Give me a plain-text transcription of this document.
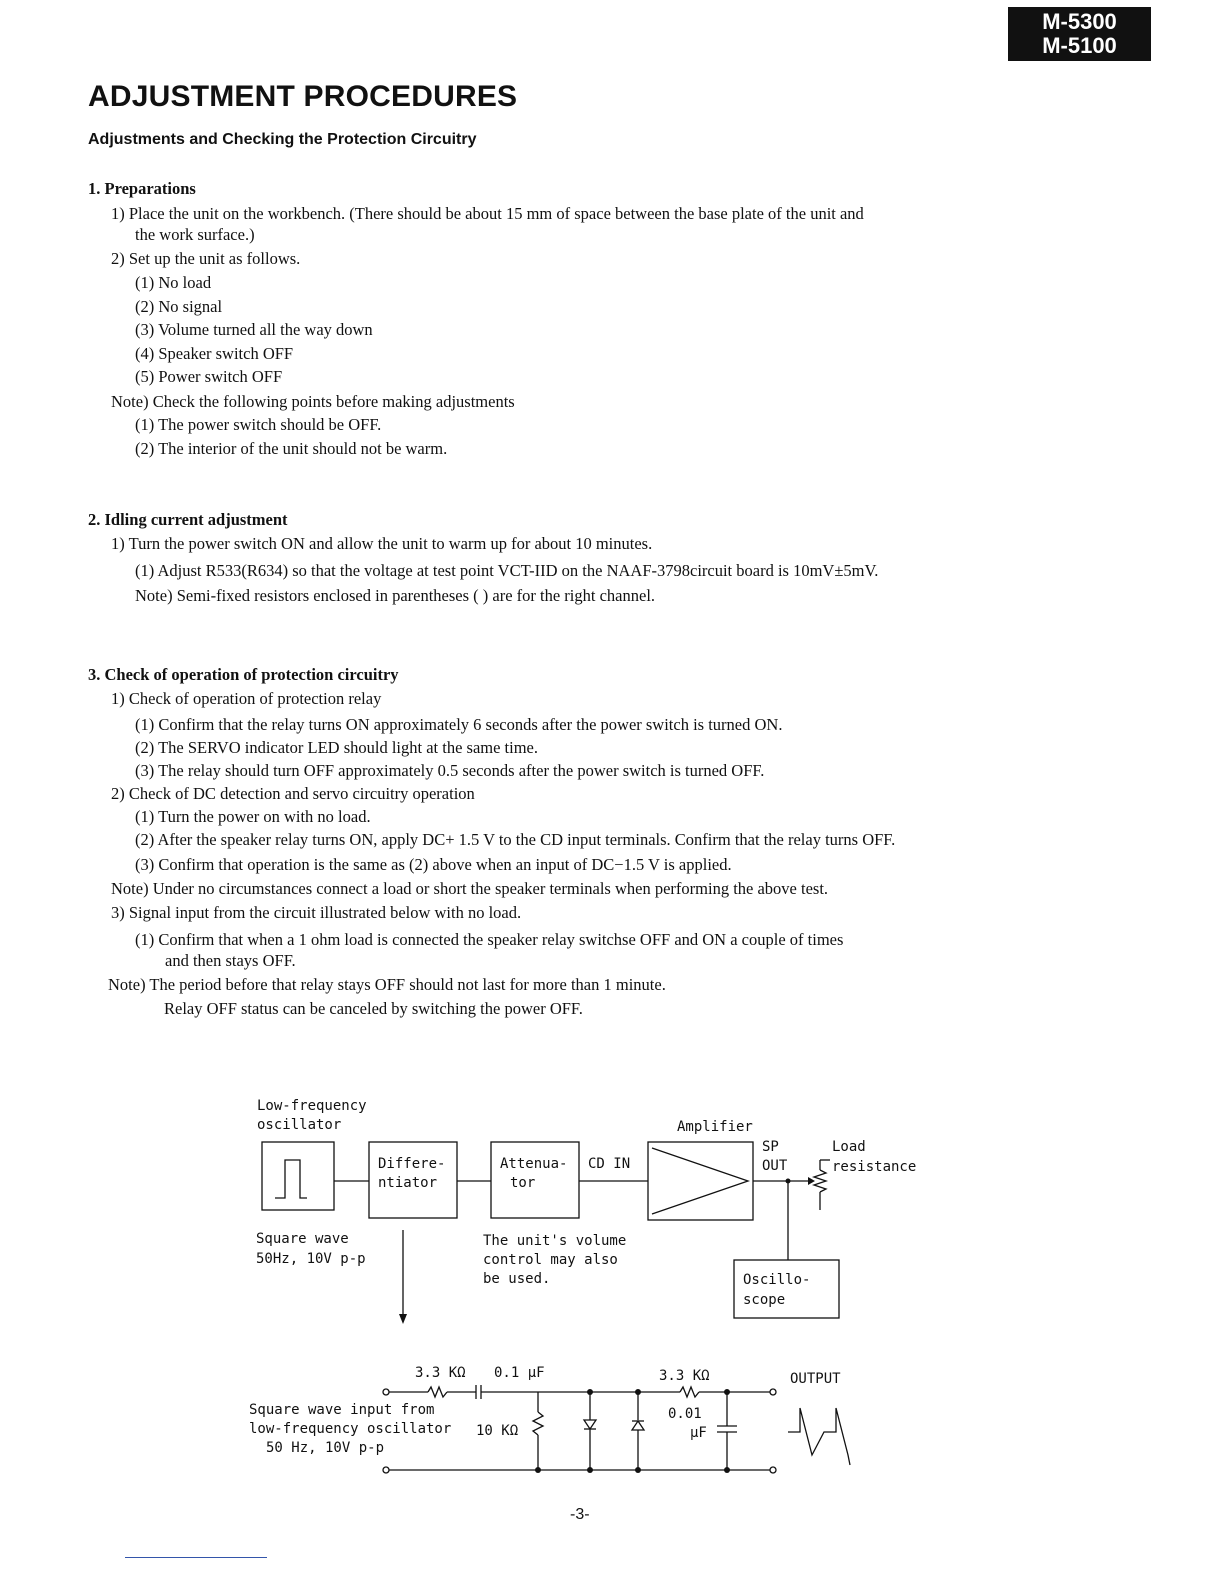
M-5300
M-5100
ADJUSTMENT PROCEDURES
Adjustments and Checking the Protection Circuitry
1. Preparations
1) Place the unit on the workbench. (There should be about 15 mm of space between the base plate of the unit and
the work surface.)
2) Set up the unit as follows.
(1) No load
(2) No signal
(3) Volume turned all the way down
(4) Speaker switch OFF
(5) Power switch OFF
Note) Check the following points before making adjustments
(1) The power switch should be OFF.
(2) The interior of the unit should not be warm.
2. Idling current adjustment
1) Turn the power switch ON and allow the unit to warm up for about 10 minutes.
(1) Adjust R533(R634) so that the voltage at test point VCT-IID on the NAAF-3798circuit board is 10mV±5mV.
Note) Semi-fixed resistors enclosed in parentheses ( ) are for the right channel.
3. Check of operation of protection circuitry
1) Check of operation of protection relay
(1) Confirm that the relay turns ON approximately 6 seconds after the power switch is turned ON.
(2) The SERVO indicator LED should light at the same time.
(3) The relay should turn OFF approximately 0.5 seconds after the power switch is turned OFF.
2) Check of DC detection and servo circuitry operation
(1) Turn the power on with no load.
(2) After the speaker relay turns ON, apply DC+ 1.5 V to the CD input terminals. Confirm that the relay turns OFF.
(3) Confirm that operation is the same as (2) above when an input of DC−1.5 V is applied.
Note) Under no circumstances connect a load or short the speaker terminals when performing the above test.
3) Signal input from the circuit illustrated below with no load.
(1) Confirm that when a 1 ohm load is connected the speaker relay switchse OFF and ON a couple of times
and then stays OFF.
Note) The period before that relay stays OFF should not last for more than 1 minute.
Relay OFF status can be canceled by switching the power OFF.
Low-frequency
oscillator
Differe-
ntiator
Attenua-
tor
CD IN
Amplifier
SP
OUT
Load
resistance
Square wave
50Hz, 10V p-p
The unit's volume
control may also
be used.	Oscillo-
scope
3.3 KΩ 0.1 µF	3.3 KΩ	OUTPUT
Square wave input from
low-frequency oscillator
50 Hz, 10V p-p
10 KΩ
0.01
µF
-3-
